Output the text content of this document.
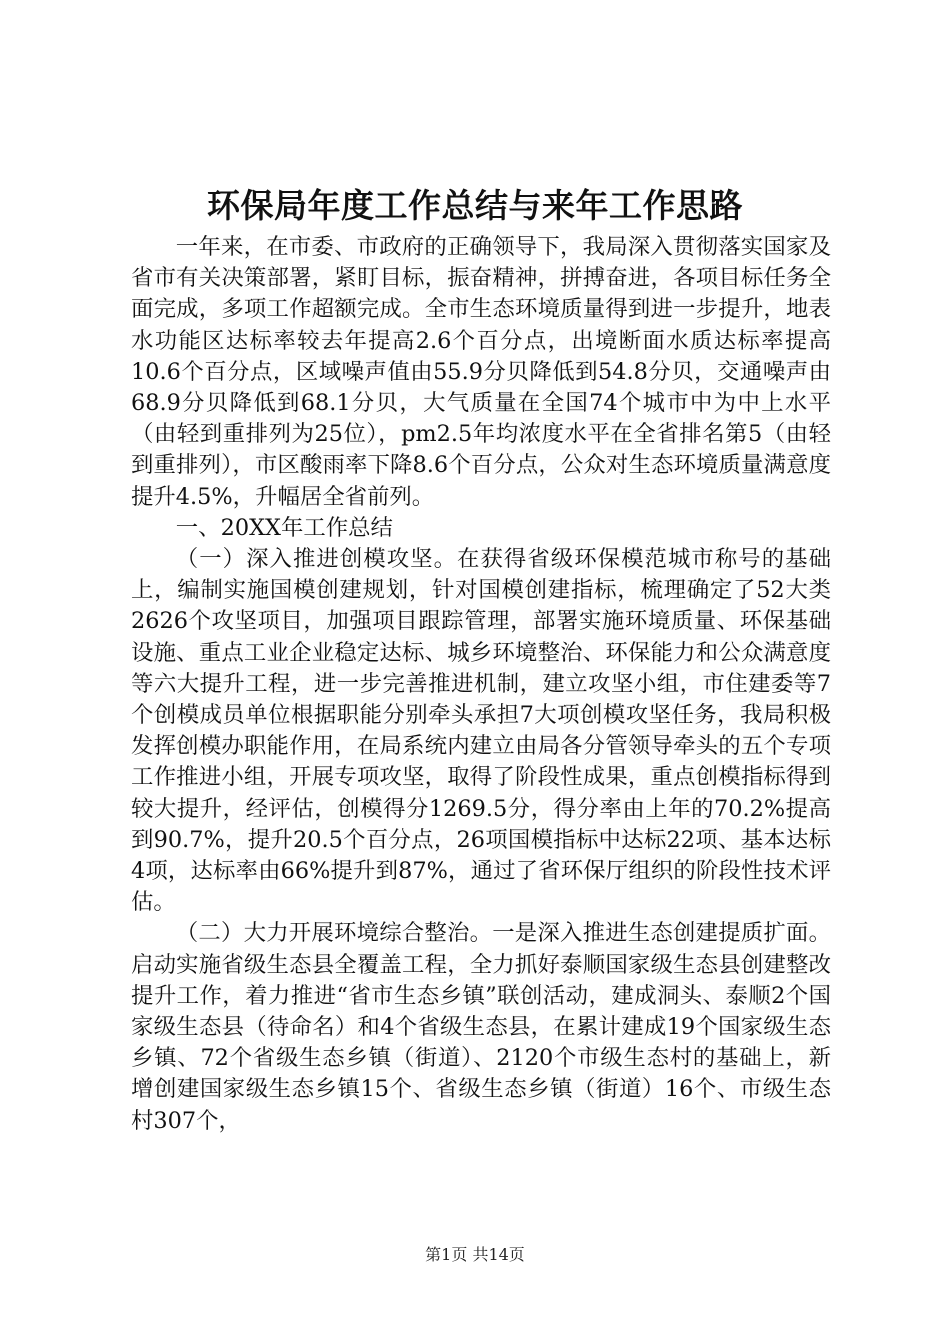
环保局年度工作总结与来年工作思路

一年来，在市委、市政府的正确领导下，我局深入贯彻落实国家及省市有关决策部署，紧盯目标，振奋精神，拼搏奋进，各项目标任务全面完成，多项工作超额完成。全市生态环境质量得到进一步提升，地表水功能区达标率较去年提高2.6个百分点，出境断面水质达标率提高10.6个百分点，区域噪声值由55.9分贝降低到54.8分贝，交通噪声由68.9分贝降低到68.1分贝，大气质量在全国74个城市中为中上水平（由轻到重排列为25位），pm2.5年均浓度水平在全省排名第5（由轻到重排列），市区酸雨率下降8.6个百分点，公众对生态环境质量满意度提升4.5%，升幅居全省前列。

一、20XX年工作总结

（一）深入推进创模攻坚。在获得省级环保模范城市称号的基础上，编制实施国模创建规划，针对国模创建指标，梳理确定了52大类2626个攻坚项目，加强项目跟踪管理，部署实施环境质量、环保基础设施、重点工业企业稳定达标、城乡环境整治、环保能力和公众满意度等六大提升工程，进一步完善推进机制，建立攻坚小组，市住建委等7个创模成员单位根据职能分别牵头承担7大项创模攻坚任务，我局积极发挥创模办职能作用，在局系统内建立由局各分管领导牵头的五个专项工作推进小组，开展专项攻坚，取得了阶段性成果，重点创模指标得到较大提升，经评估，创模得分1269.5分，得分率由上年的70.2%提高到90.7%，提升20.5个百分点，26项国模指标中达标22项、基本达标4项，达标率由66%提升到87%，通过了省环保厅组织的阶段性技术评估。

（二）大力开展环境综合整治。一是深入推进生态创建提质扩面。启动实施省级生态县全覆盖工程，全力抓好泰顺国家级生态县创建整改提升工作，着力推进“省市生态乡镇”联创活动，建成洞头、泰顺2个国家级生态县（待命名）和4个省级生态县，在累计建成19个国家级生态乡镇、72个省级生态乡镇（街道）、2120个市级生态村的基础上，新增创建国家级生态乡镇15个、省级生态乡镇（街道）16个、市级生态村307个，

第1页 共14页
